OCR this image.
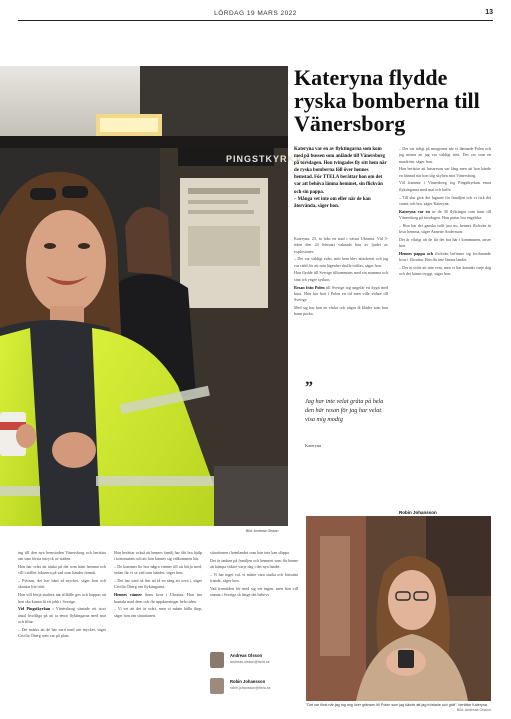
LÖRDAG 19 MARS 2022	13
PINGSTKYRKAN
Bild: Andreas Olsson
Kateryna flydde ryska bomberna till Vänersborg
Kateryna var en av flyktingarna som kom med på bussen som anlände till Vänersborg på torsdagen. Hon tvingades fly sitt hem när de ryska bomberna föll över hennes hemstad. För TTELA berättar hon om det var att behöva lämna hemmet, sin flickvän och sin pappa.
– Många vet inte om eller när de kan återvända, säger hon.

Kateryna, 23, är från en stad i västra Ukraina. Vid 5-tiden den 24 februari vaknade hon av ljudet av explosioner.

– Det var väldigt svårt, mitt hem blev attackerat och jag var rädd för att min lägenhet skulle träffas, säger hon.

Hon flydde till Sverige tillsammans med sin mamma och sina två yngre syskon.

Resan från Polen till Sverige tog ungefär ett dygn med buss. Hon har bott i Polen en tid men ville vidare till Sverige.

Med sig har hon en väska och några få kläder som hon hann packa.

”

Jag har inte velat gråta på hela den här resan för jag har velat visa mig modig

Kateryna

– Det var tidigt på morgonen när vi lämnade Polen och jag minns att jag var väldigt trött. Det var som en mardröm, säger hon.

Hon berättar att bussresan var lång men att hon kände en lättnad när hon såg skylten mot Vänersborg.

Väl framme i Vänersborg tog Pingstkyrkan emot flyktingarna med mat och kaffe.

– Till slut gick det lugnare för familjen och vi fick det varmt och bra, säger Kateryna.

Kateryna var en av de 30 flyktingar som kom till Vänersborg på torsdagen. Hon pratar bra engelska.

– Hon har det ganska tufft just nu, hennes flickvän är kvar hemma, säger Annette Andersson.

Det är viktigt att de får det bra här i kommunen, anser hon.

Hennes pappa och flickvän befinner sig fortfarande kvar i Ukraina. Han får inte lämna landet.

– Det är svårt att inte veta, men vi har kontakt varje dag och det känns tryggt, säger hon.

Robin Johansson

ing till den nya hemstaden Vänersborg och berättar om sina första intryck av staden.

Hon har svårt att tänka på det som hänt hemma och vill i stället fokusera på vad som händer framåt.

– Pyttsan, det har hänt så mycket, säger hon och skrattar lite trött.

Hon vill börja studera när tillfälle ges och hoppas att hon ska kunna få ett jobb i Sverige.

Vid Pingstkyrkan i Vänersborg väntade ett stort antal frivilliga på att ta emot flyktingarna med mat och filtar.

– Det märks att de har varit med om mycket, säger Cecilia Öberg som var på plats.

Hon berättar också att hennes familj har fått bra hjälp i kommunen och att hon känner sig välkommen här.

– De kommer bo hos några vänner till att börja med, sedan får vi se vad som händer, säger hon.

– Det har varit så fint att få en säng att sova i, säger Cecilia Öberg om flyktingarna.

Hennes vänner finns kvar i Ukraina. Hon har kontakt med dem och får uppdateringar hela tiden.

– Vi vet att det är svårt, men vi måste hålla ihop, säger hon om situationen.

situationen i hemlandet som hon inte kan släppa.

Det är tanken på familjen och hemmet som får henne att kämpa vidare varje dag i det nya landet.

– Vi har inget val, vi måste vara starka och fortsätta framåt, säger hon.

Vad framtiden för med sig vet ingen, men hon vill stanna i Sverige så länge det behövs.

Andreas Olsson
andreas.olsson@ttela.se
Robin Johansson
robin.johansson@ttela.se
"Det var först när jag tog mig över gränsen till Polen som jag kände att jag tröstade och grät", berättar Kateryna.
Bild: Andreas Olsson
